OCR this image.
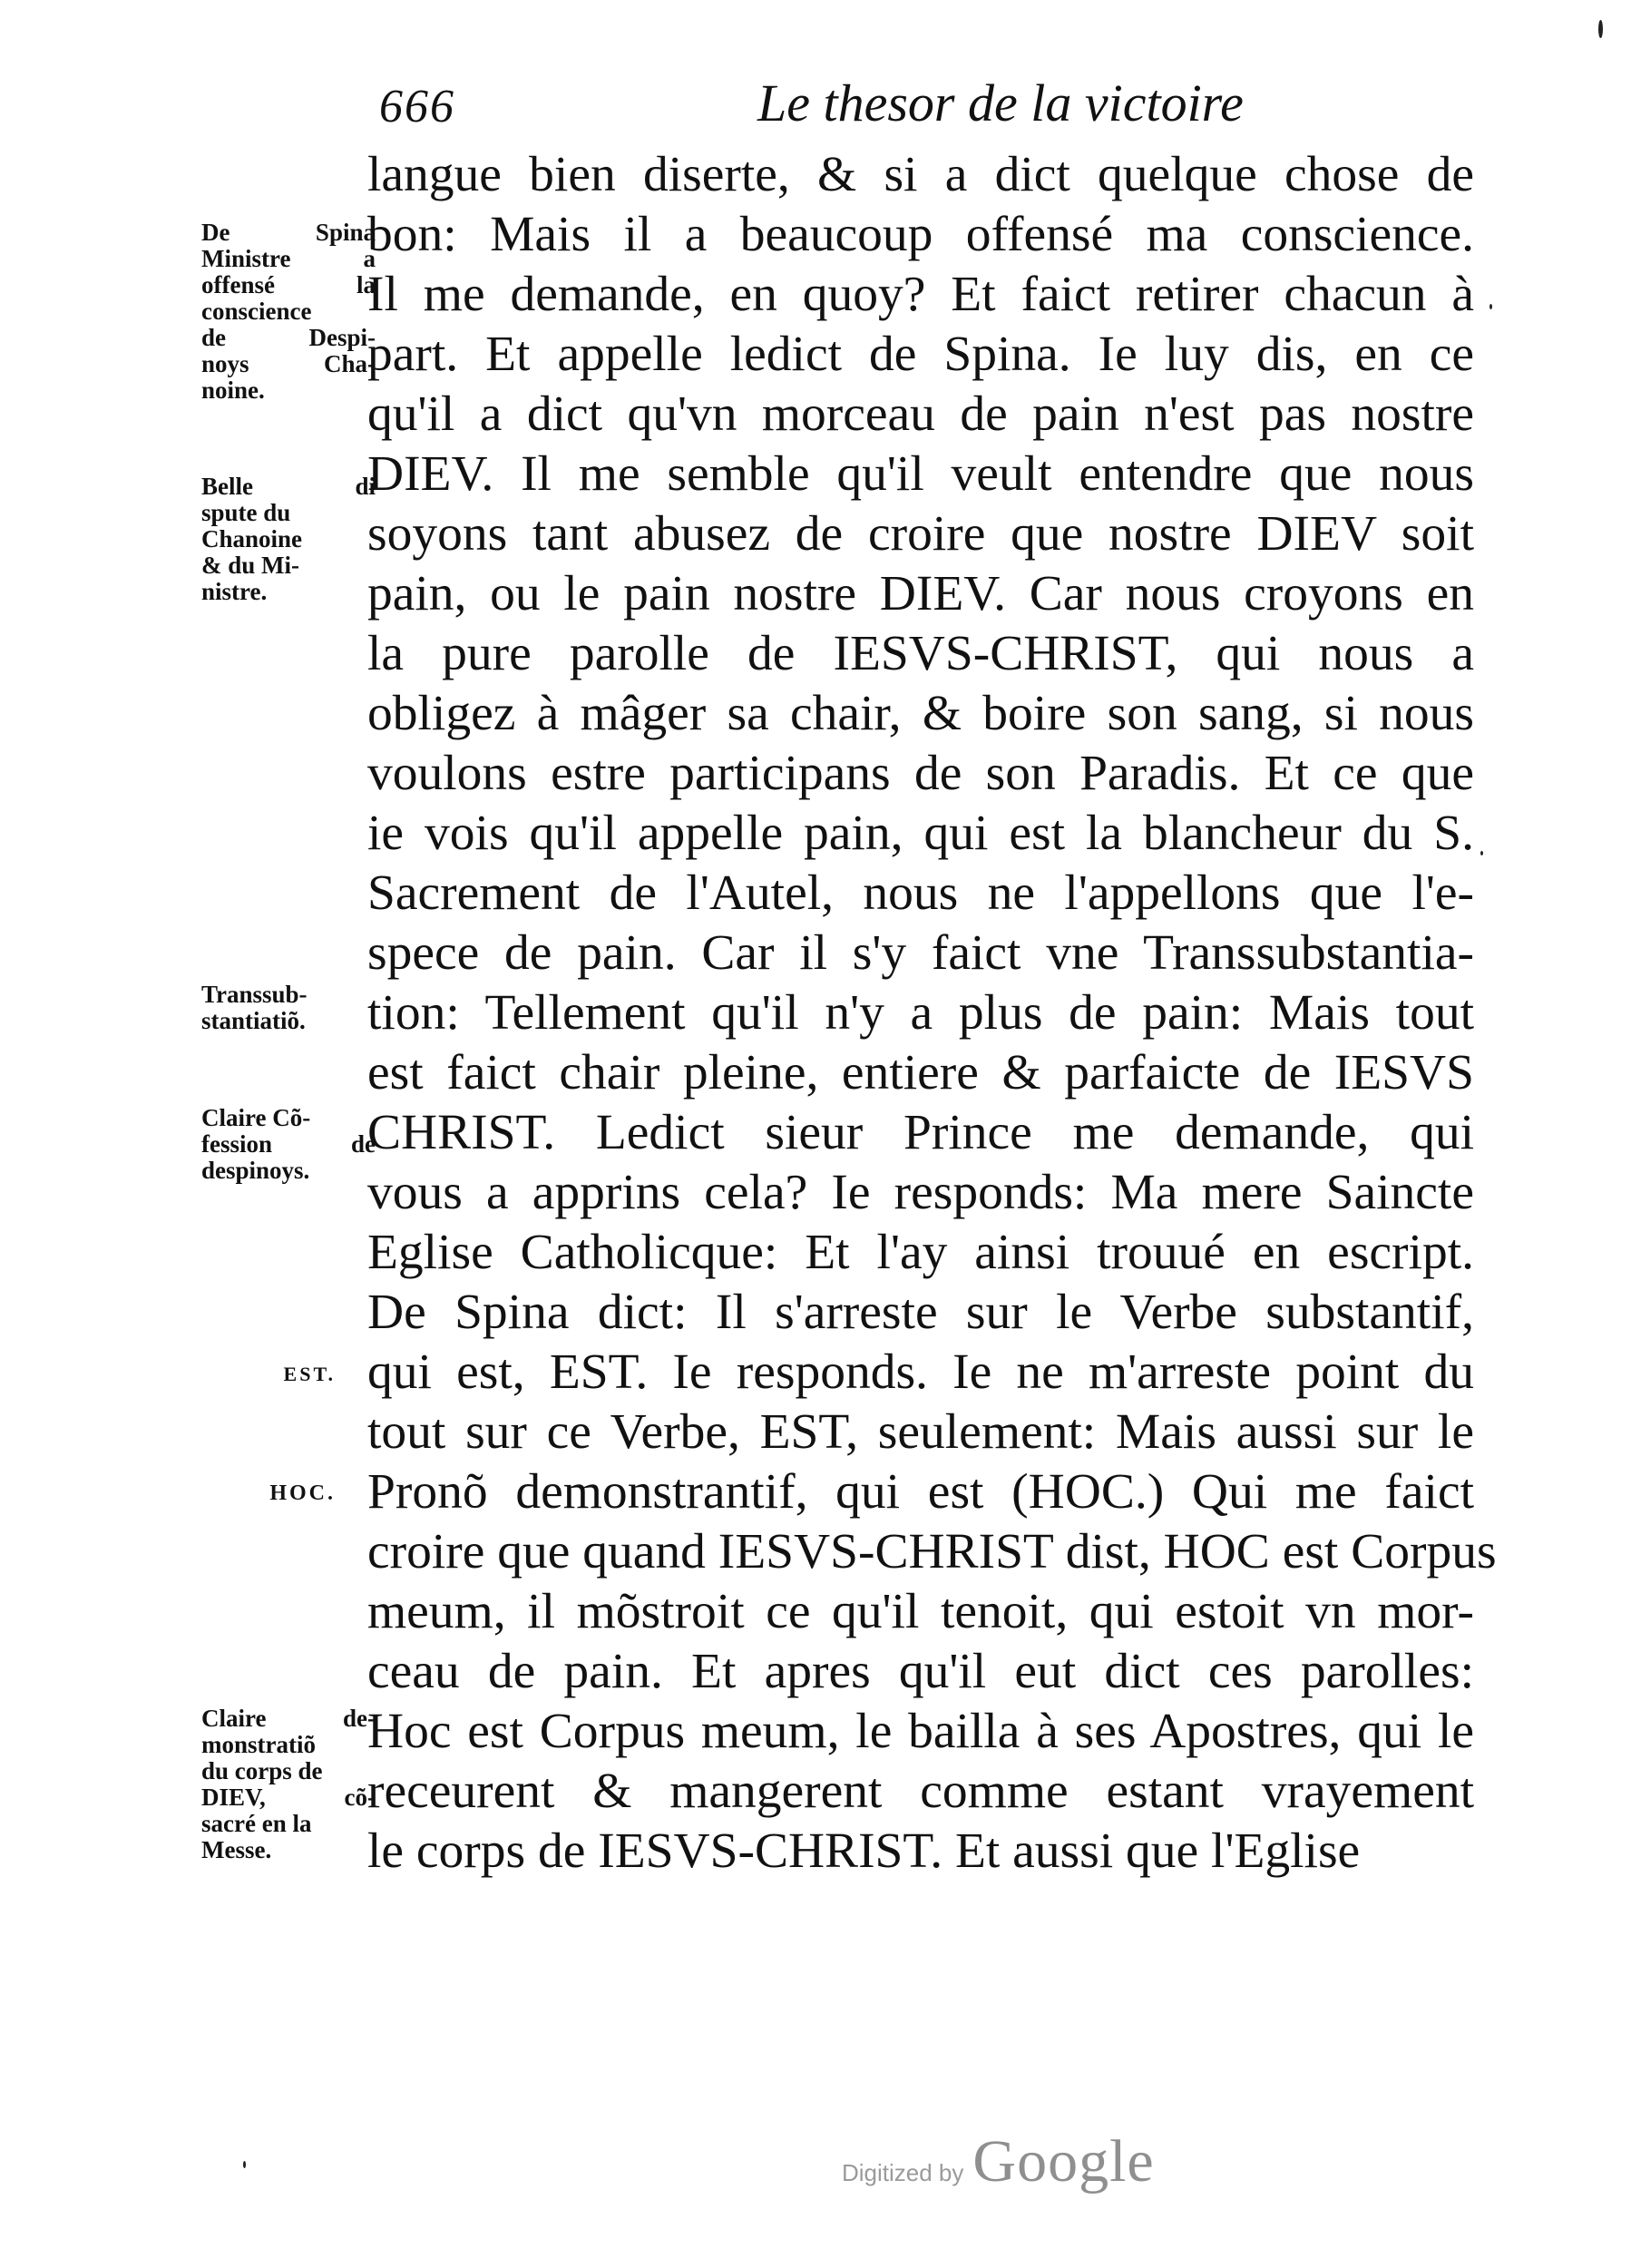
666	Le thesor de la victoire
langue bien diserte, & si a dict quelque chose de
bon: Mais il a beaucoup offensé ma conscience.
Il me demande, en quoy? Et faict retirer chacun à
part. Et appelle ledict de Spina. Ie luy dis, en ce
qu'il a dict qu'vn morceau de pain n'est pas nostre
DIEV. Il me semble qu'il veult entendre que nous
soyons tant abusez de croire que nostre DIEV soit
pain, ou le pain nostre DIEV. Car nous croyons en
la pure parolle de IESVS-CHRIST, qui nous a
obligez à mâger sa chair, & boire son sang, si nous
voulons estre participans de son Paradis. Et ce que
ie vois qu'il appelle pain, qui est la blancheur du S.
Sacrement de l'Autel, nous ne l'appellons que l'e-
spece de pain. Car il s'y faict vne Transsubstantia-
tion: Tellement qu'il n'y a plus de pain: Mais tout
est faict chair pleine, entiere & parfaicte de IESVS
CHRIST. Ledict sieur Prince me demande, qui
vous a apprins cela? Ie responds: Ma mere Saincte
Eglise Catholicque: Et l'ay ainsi trouué en escript.
De Spina dict: Il s'arreste sur le Verbe substantif,
qui est, EST. Ie responds. Ie ne m'arreste point du
tout sur ce Verbe, EST, seulement: Mais aussi sur le
Pronõ demonstrantif, qui est (HOC.) Qui me faict
croire que quand IESVS-CHRIST dist, HOC est Corpus
meum, il mõstroit ce qu'il tenoit, qui estoit vn mor-
ceau de pain. Et apres qu'il eut dict ces parolles:
Hoc est Corpus meum, le bailla à ses Apostres, qui le
receurent & mangerent comme estant vrayement
le corps de IESVS-CHRIST. Et aussi que l'Eglise
De Spina
Ministre a
offensé la
conscience
de Despi-
noys Cha-
noine.
Belle di
spute du
Chanoine
& du Mi-
nistre.
Transsub-
stantiatiõ.
Claire Cõ-
fession de
despinoys.
EST.
HOC.
Claire de-
monstratiõ
du corps de
DIEV, cõ-
sacré en la
Messe.
Digitized by Google
